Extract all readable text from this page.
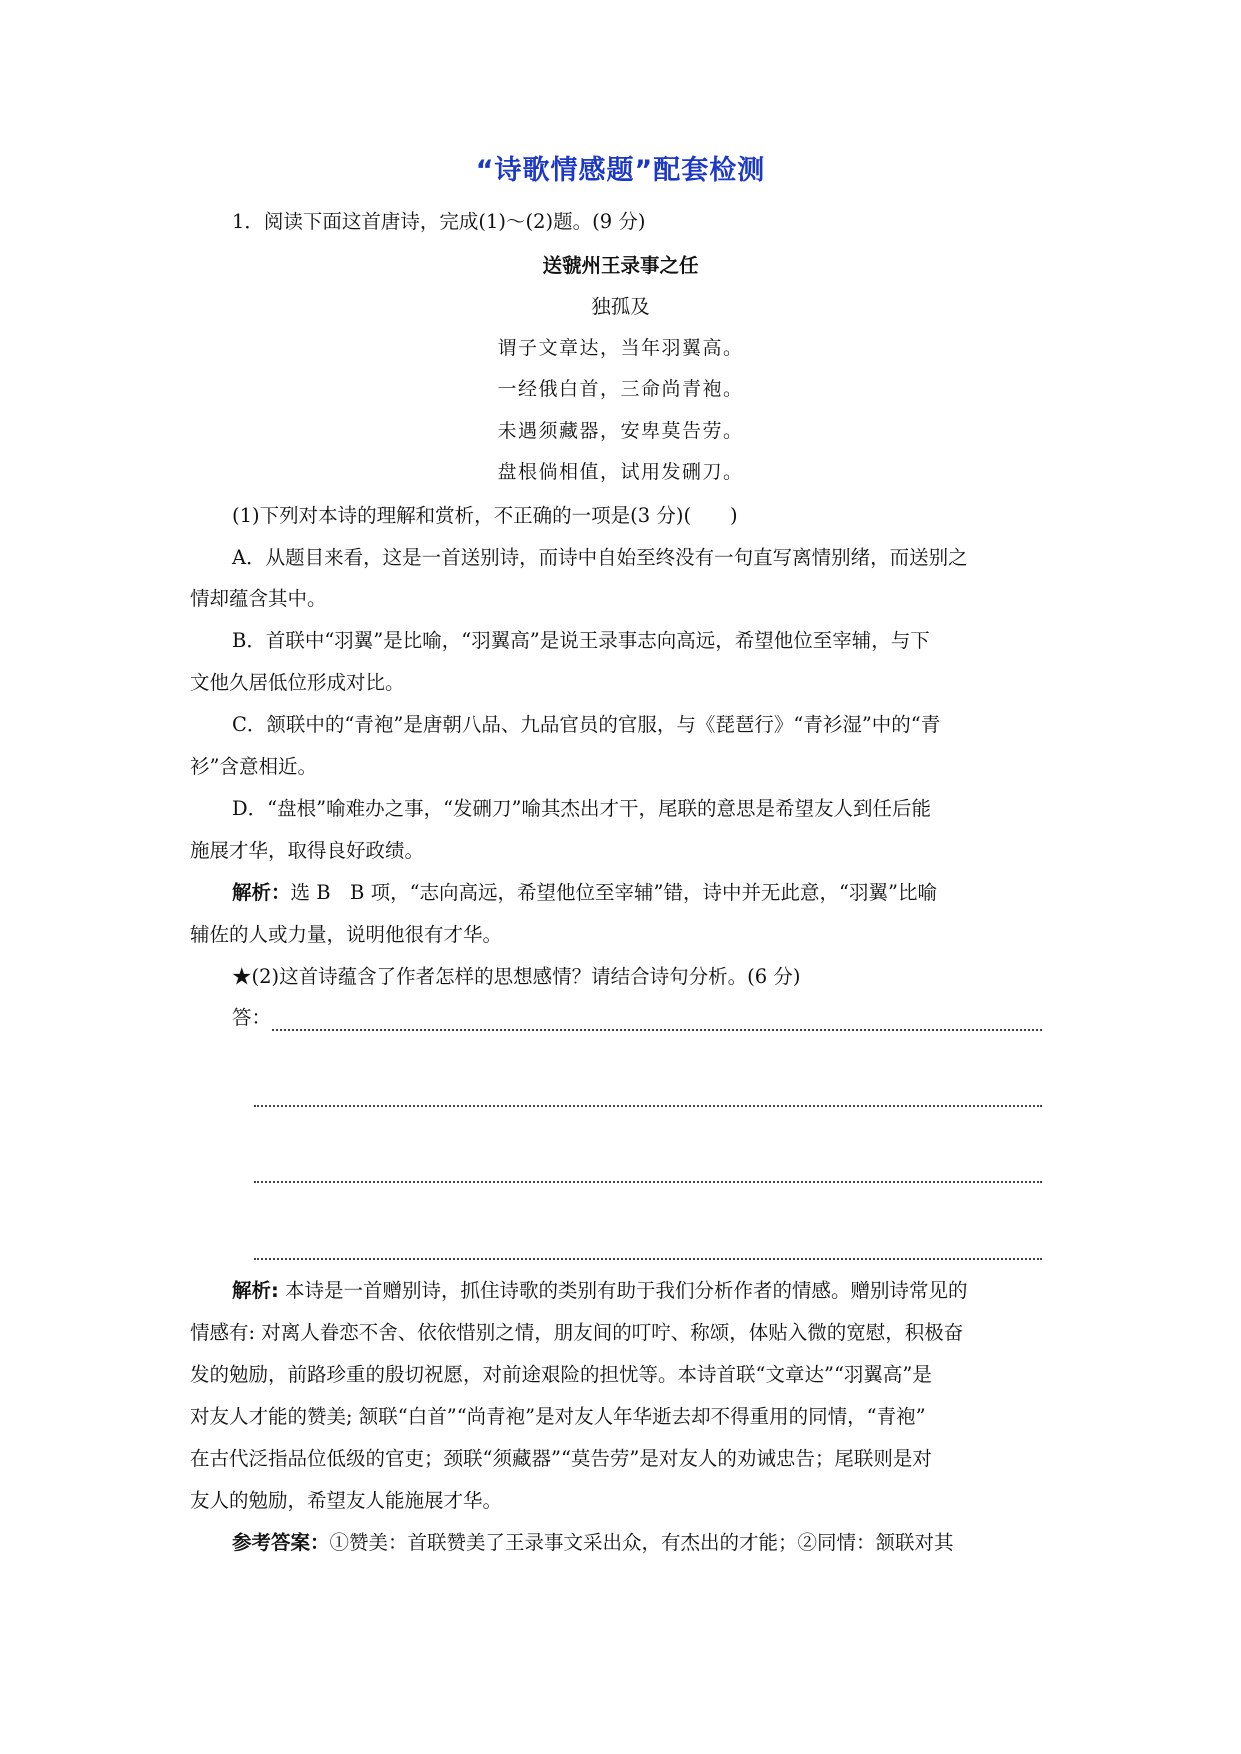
“诗歌情感题”配套检测
1．阅读下面这首唐诗，完成(1)～(2)题。(9 分)
送虢州王录事之任
独孤及
谓子文章达，当年羽翼高。
一经俄白首，三命尚青袍。
未遇须藏器，安卑莫告劳。
盘根倘相值，试用发硎刀。
(1)下列对本诗的理解和赏析，不正确的一项是(3 分)(　　)
A．从题目来看，这是一首送别诗，而诗中自始至终没有一句直写离情别绪，而送别之
情却蕴含其中。
B．首联中“羽翼”是比喻，“羽翼高”是说王录事志向高远，希望他位至宰辅，与下
文他久居低位形成对比。
C．颔联中的“青袍”是唐朝八品、九品官员的官服，与《琵琶行》“青衫湿”中的“青
衫”含意相近。
D．“盘根”喻难办之事，“发硎刀”喻其杰出才干，尾联的意思是希望友人到任后能
施展才华，取得良好政绩。
解析：选 B　B 项，“志向高远，希望他位至宰辅”错，诗中并无此意，“羽翼”比喻
辅佐的人或力量，说明他很有才华。
★(2)这首诗蕴含了作者怎样的思想感情？请结合诗句分析。(6 分)
答：
解析: 本诗是一首赠别诗，抓住诗歌的类别有助于我们分析作者的情感。赠别诗常见的
情感有: 对离人眷恋不舍、依依惜别之情，朋友间的叮咛、称颂，体贴入微的宽慰，积极奋
发的勉励，前路珍重的殷切祝愿，对前途艰险的担忧等。本诗首联“文章达”“羽翼高”是
对友人才能的赞美; 颔联“白首”“尚青袍”是对友人年华逝去却不得重用的同情，“青袍”
在古代泛指品位低级的官吏；颈联“须藏器”“莫告劳”是对友人的劝诫忠告；尾联则是对
友人的勉励，希望友人能施展才华。
参考答案：①赞美：首联赞美了王录事文采出众，有杰出的才能；②同情：颔联对其
